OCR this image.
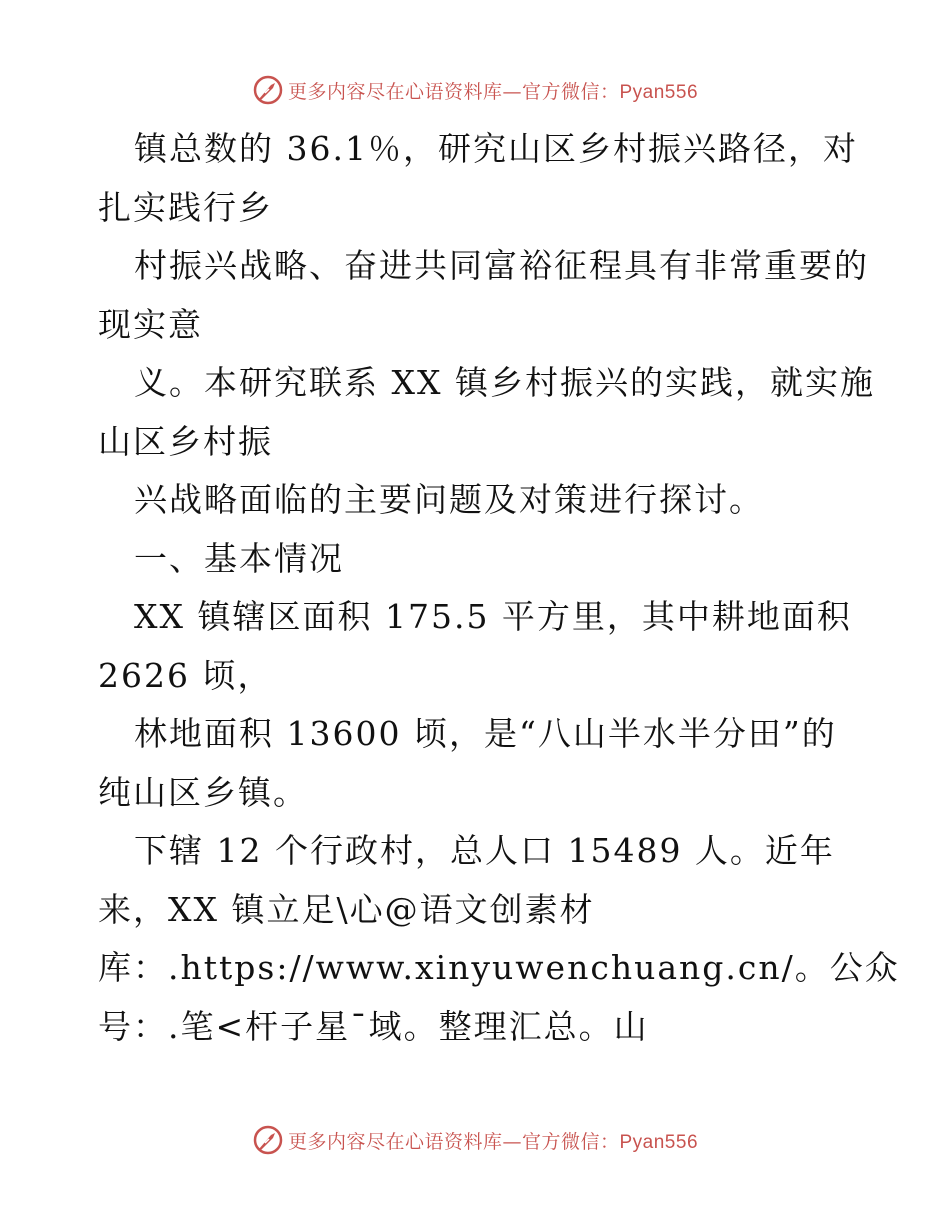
更多内容尽在心语资料库—官方微信：Pyan556
镇总数的 36.1％，研究山区乡村振兴路径，对
扎实践行乡
村振兴战略、奋进共同富裕征程具有非常重要的
现实意
义。本研究联系 XX 镇乡村振兴的实践，就实施
山区乡村振
兴战略面临的主要问题及对策进行探讨。
一、基本情况
XX 镇辖区面积 175.5 平方里，其中耕地面积
2626 顷，
林地面积 13600 顷，是“八山半水半分田”的
纯山区乡镇。
下辖 12 个行政村，总人口 15489 人。近年
来，XX 镇立足\心@语文创素材
库：.https://www.xinyuwenchuang.cn/。公众
号：.笔<杆子星¯域。整理汇总。山
更多内容尽在心语资料库—官方微信：Pyan556
